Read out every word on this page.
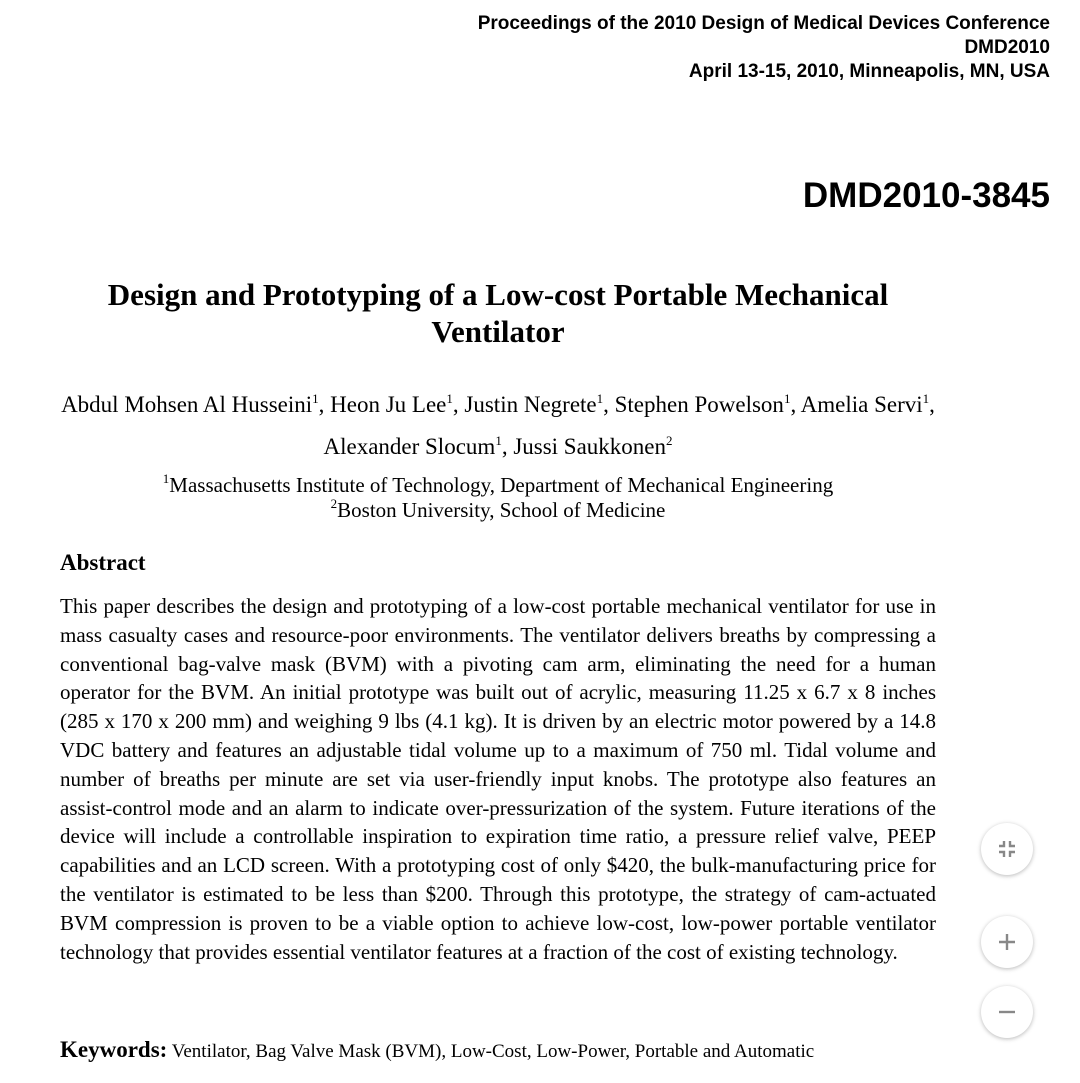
Proceedings of the 2010 Design of Medical Devices Conference
DMD2010
April 13-15, 2010, Minneapolis, MN, USA
DMD2010-3845
Design and Prototyping of a Low-cost Portable Mechanical
Ventilator
Abdul Mohsen Al Husseini$^1$, Heon Ju Lee$^1$, Justin Negrete$^1$, Stephen Powelson$^1$, Amelia Servi$^1$,
Alexander Slocum$^1$, Jussi Saukkonen$^2$
$^1$Massachusetts Institute of Technology, Department of Mechanical Engineering
$^2$Boston University, School of Medicine
Abstract

This paper describes the design and prototyping of a low-cost portable mechanical ventilator for use in mass casualty cases and resource-poor environments. The ventilator delivers breaths by compressing a conventional bag-valve mask (BVM) with a pivoting cam arm, eliminating the need for a human operator for the BVM. An initial prototype was built out of acrylic, measuring 11.25 x 6.7 x 8 inches (285 x 170 x 200 mm) and weighing 9 lbs (4.1 kg). It is driven by an electric motor powered by a 14.8 VDC battery and features an adjustable tidal volume up to a maximum of 750 ml. Tidal volume and number of breaths per minute are set via user-friendly input knobs. The prototype also features an assist-control mode and an alarm to indicate over-pressurization of the system. Future iterations of the device will include a controllable inspiration to expiration time ratio, a pressure relief valve, PEEP capabilities and an LCD screen. With a prototyping cost of only $420, the bulk-manufacturing price for the ventilator is estimated to be less than $200. Through this prototype, the strategy of cam-actuated BVM compression is proven to be a viable option to achieve low-cost, low-power portable ventilator technology that provides essential ventilator features at a fraction of the cost of existing technology.

Keywords: Ventilator, Bag Valve Mask (BVM), Low-Cost, Low-Power, Portable and Automatic
